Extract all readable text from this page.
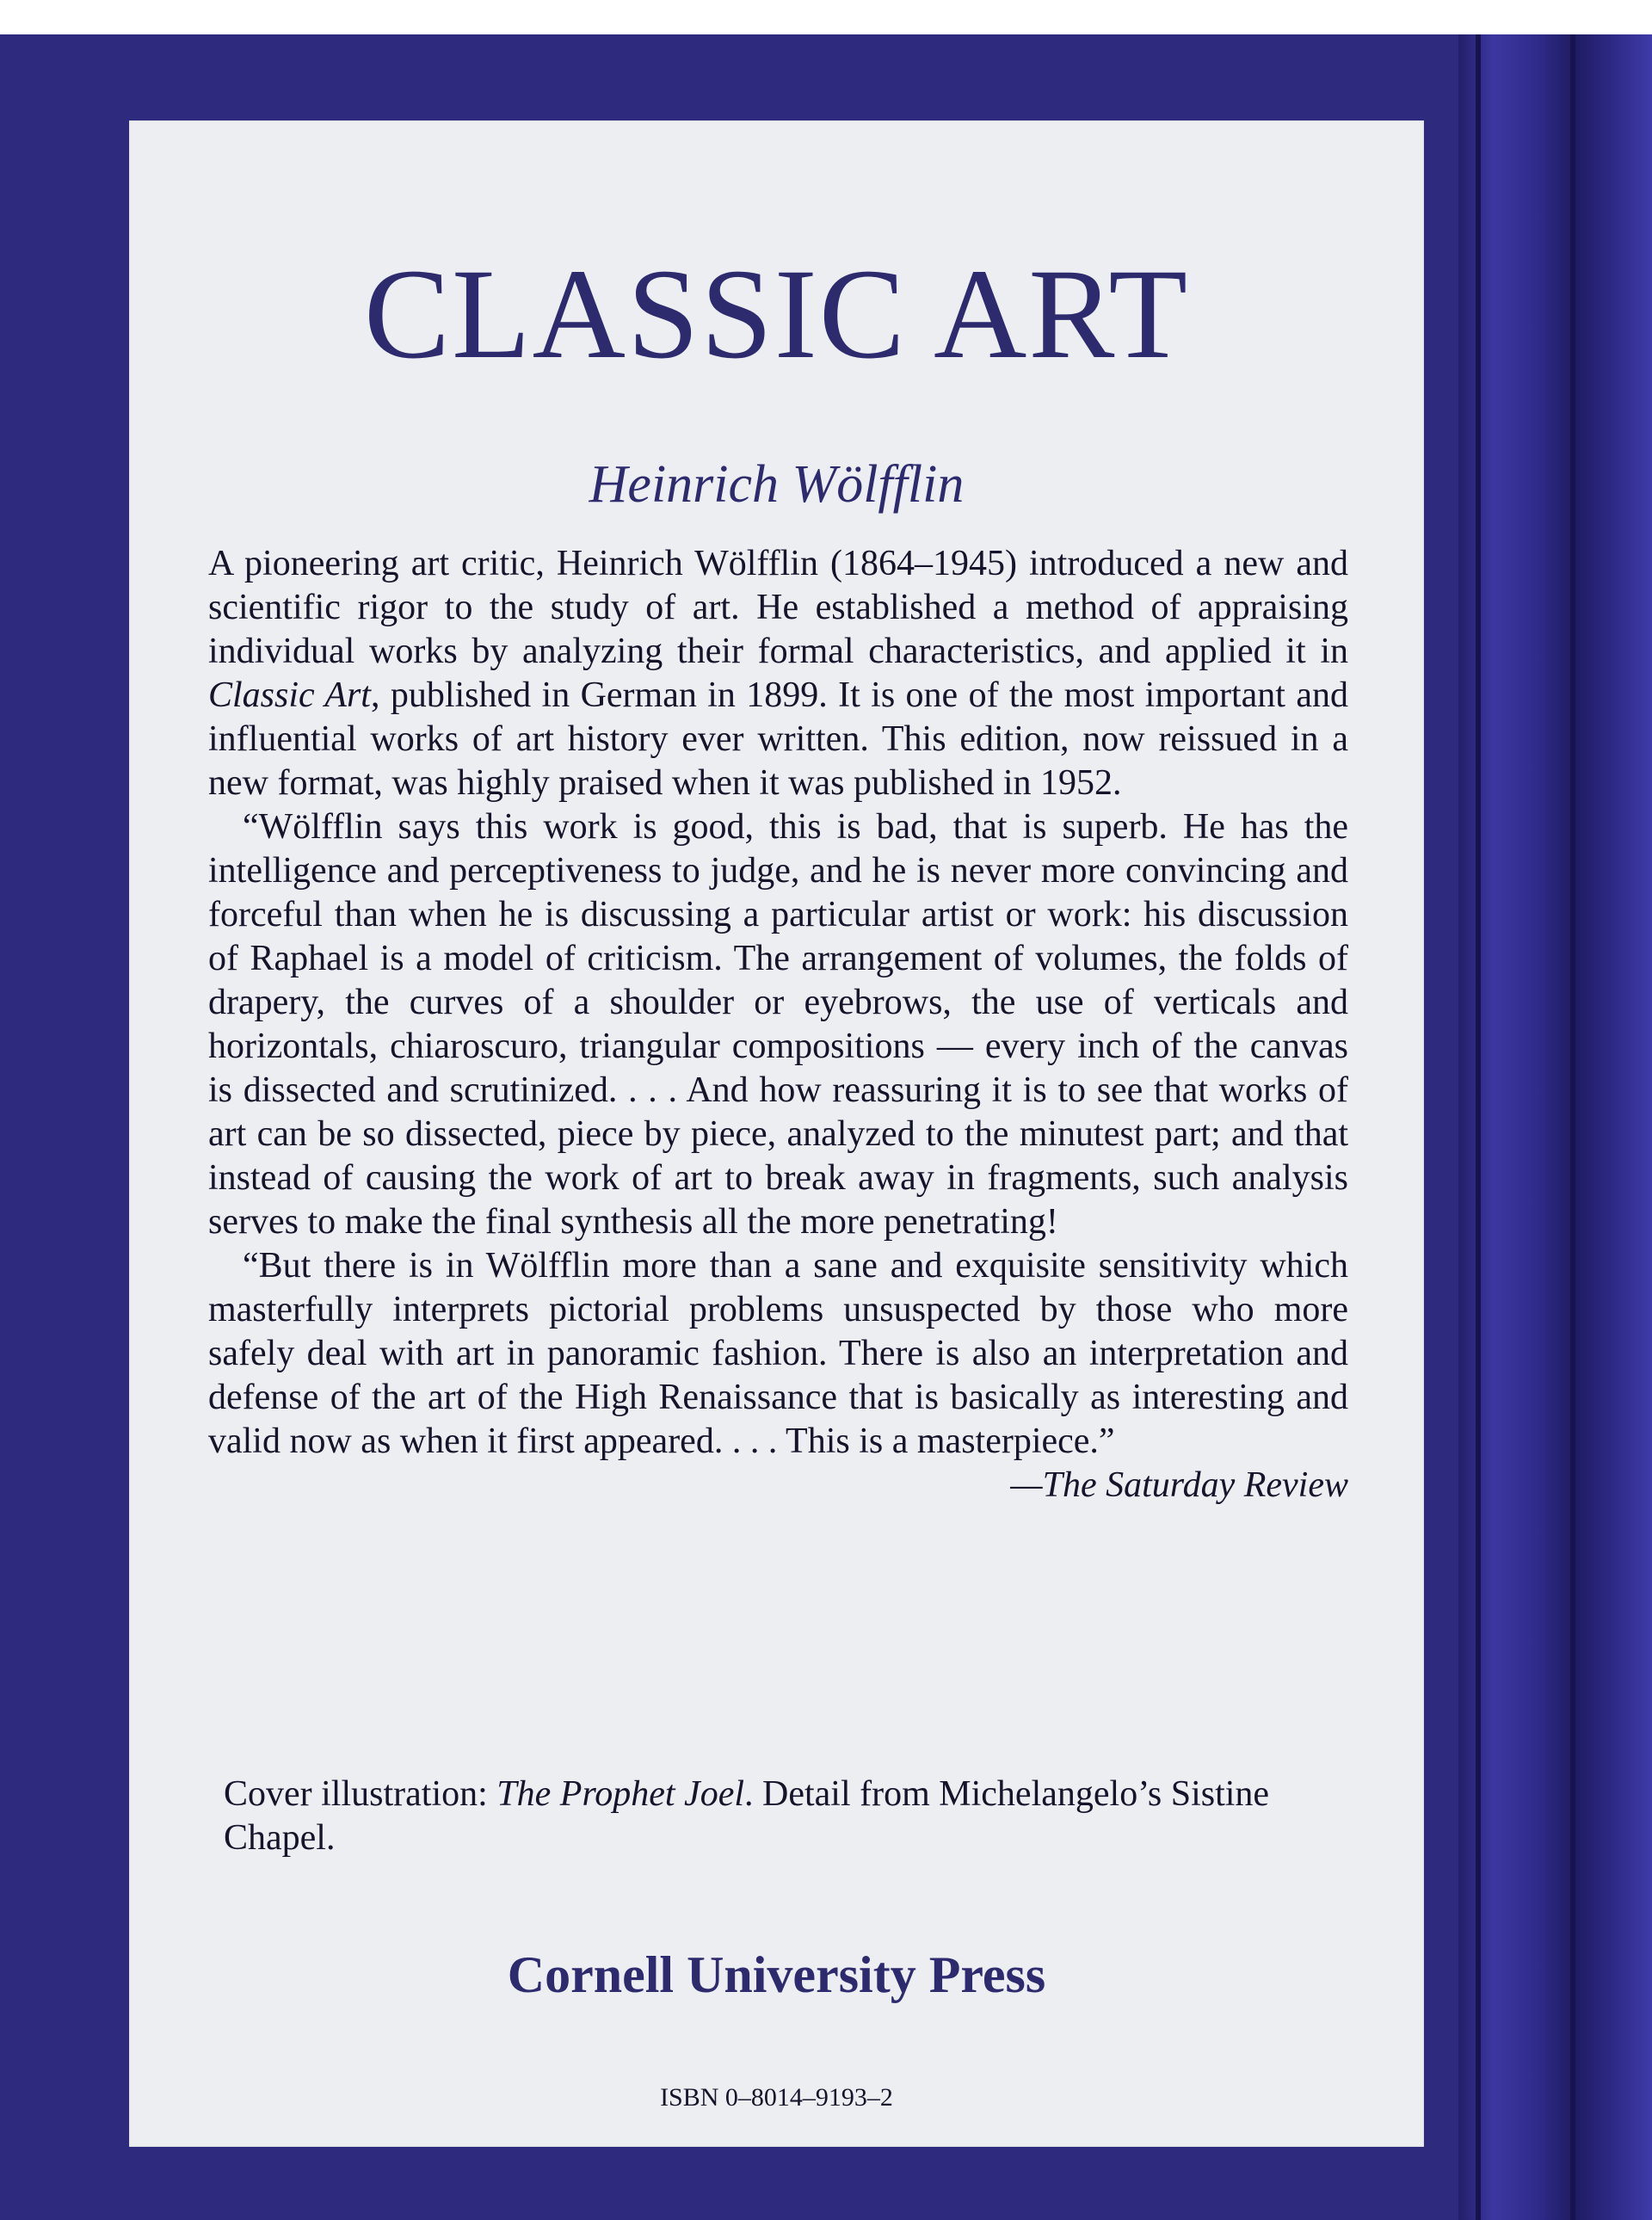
CLASSIC ART
Heinrich Wölfflin

A pioneering art critic, Heinrich Wölfflin (1864–1945) introduced a new and scientific rigor to the study of art. He established a method of appraising individual works by analyzing their formal characteristics, and applied it in Classic Art, published in German in 1899. It is one of the most important and influential works of art history ever written. This edition, now reissued in a new format, was highly praised when it was published in 1952.

“Wölfflin says this work is good, this is bad, that is superb. He has the intelligence and perceptiveness to judge, and he is never more convincing and forceful than when he is discussing a particular artist or work: his discussion of Raphael is a model of criticism. The arrangement of volumes, the folds of drapery, the curves of a shoulder or eyebrows, the use of verticals and horizontals, chiaroscuro, triangular compositions — every inch of the canvas is dissected and scrutinized. . . . And how reassuring it is to see that works of art can be so dissected, piece by piece, analyzed to the minutest part; and that instead of causing the work of art to break away in fragments, such analysis serves to make the final synthesis all the more penetrating!

“But there is in Wölfflin more than a sane and exquisite sensitivity which masterfully interprets pictorial problems unsuspected by those who more safely deal with art in panoramic fashion. There is also an interpretation and defense of the art of the High Renaissance that is basically as interesting and valid now as when it first appeared. . . . This is a masterpiece.”

—The Saturday Review

Cover illustration: The Prophet Joel. Detail from Michelangelo’s Sistine Chapel.
Cornell University Press
ISBN 0–8014–9193–2
